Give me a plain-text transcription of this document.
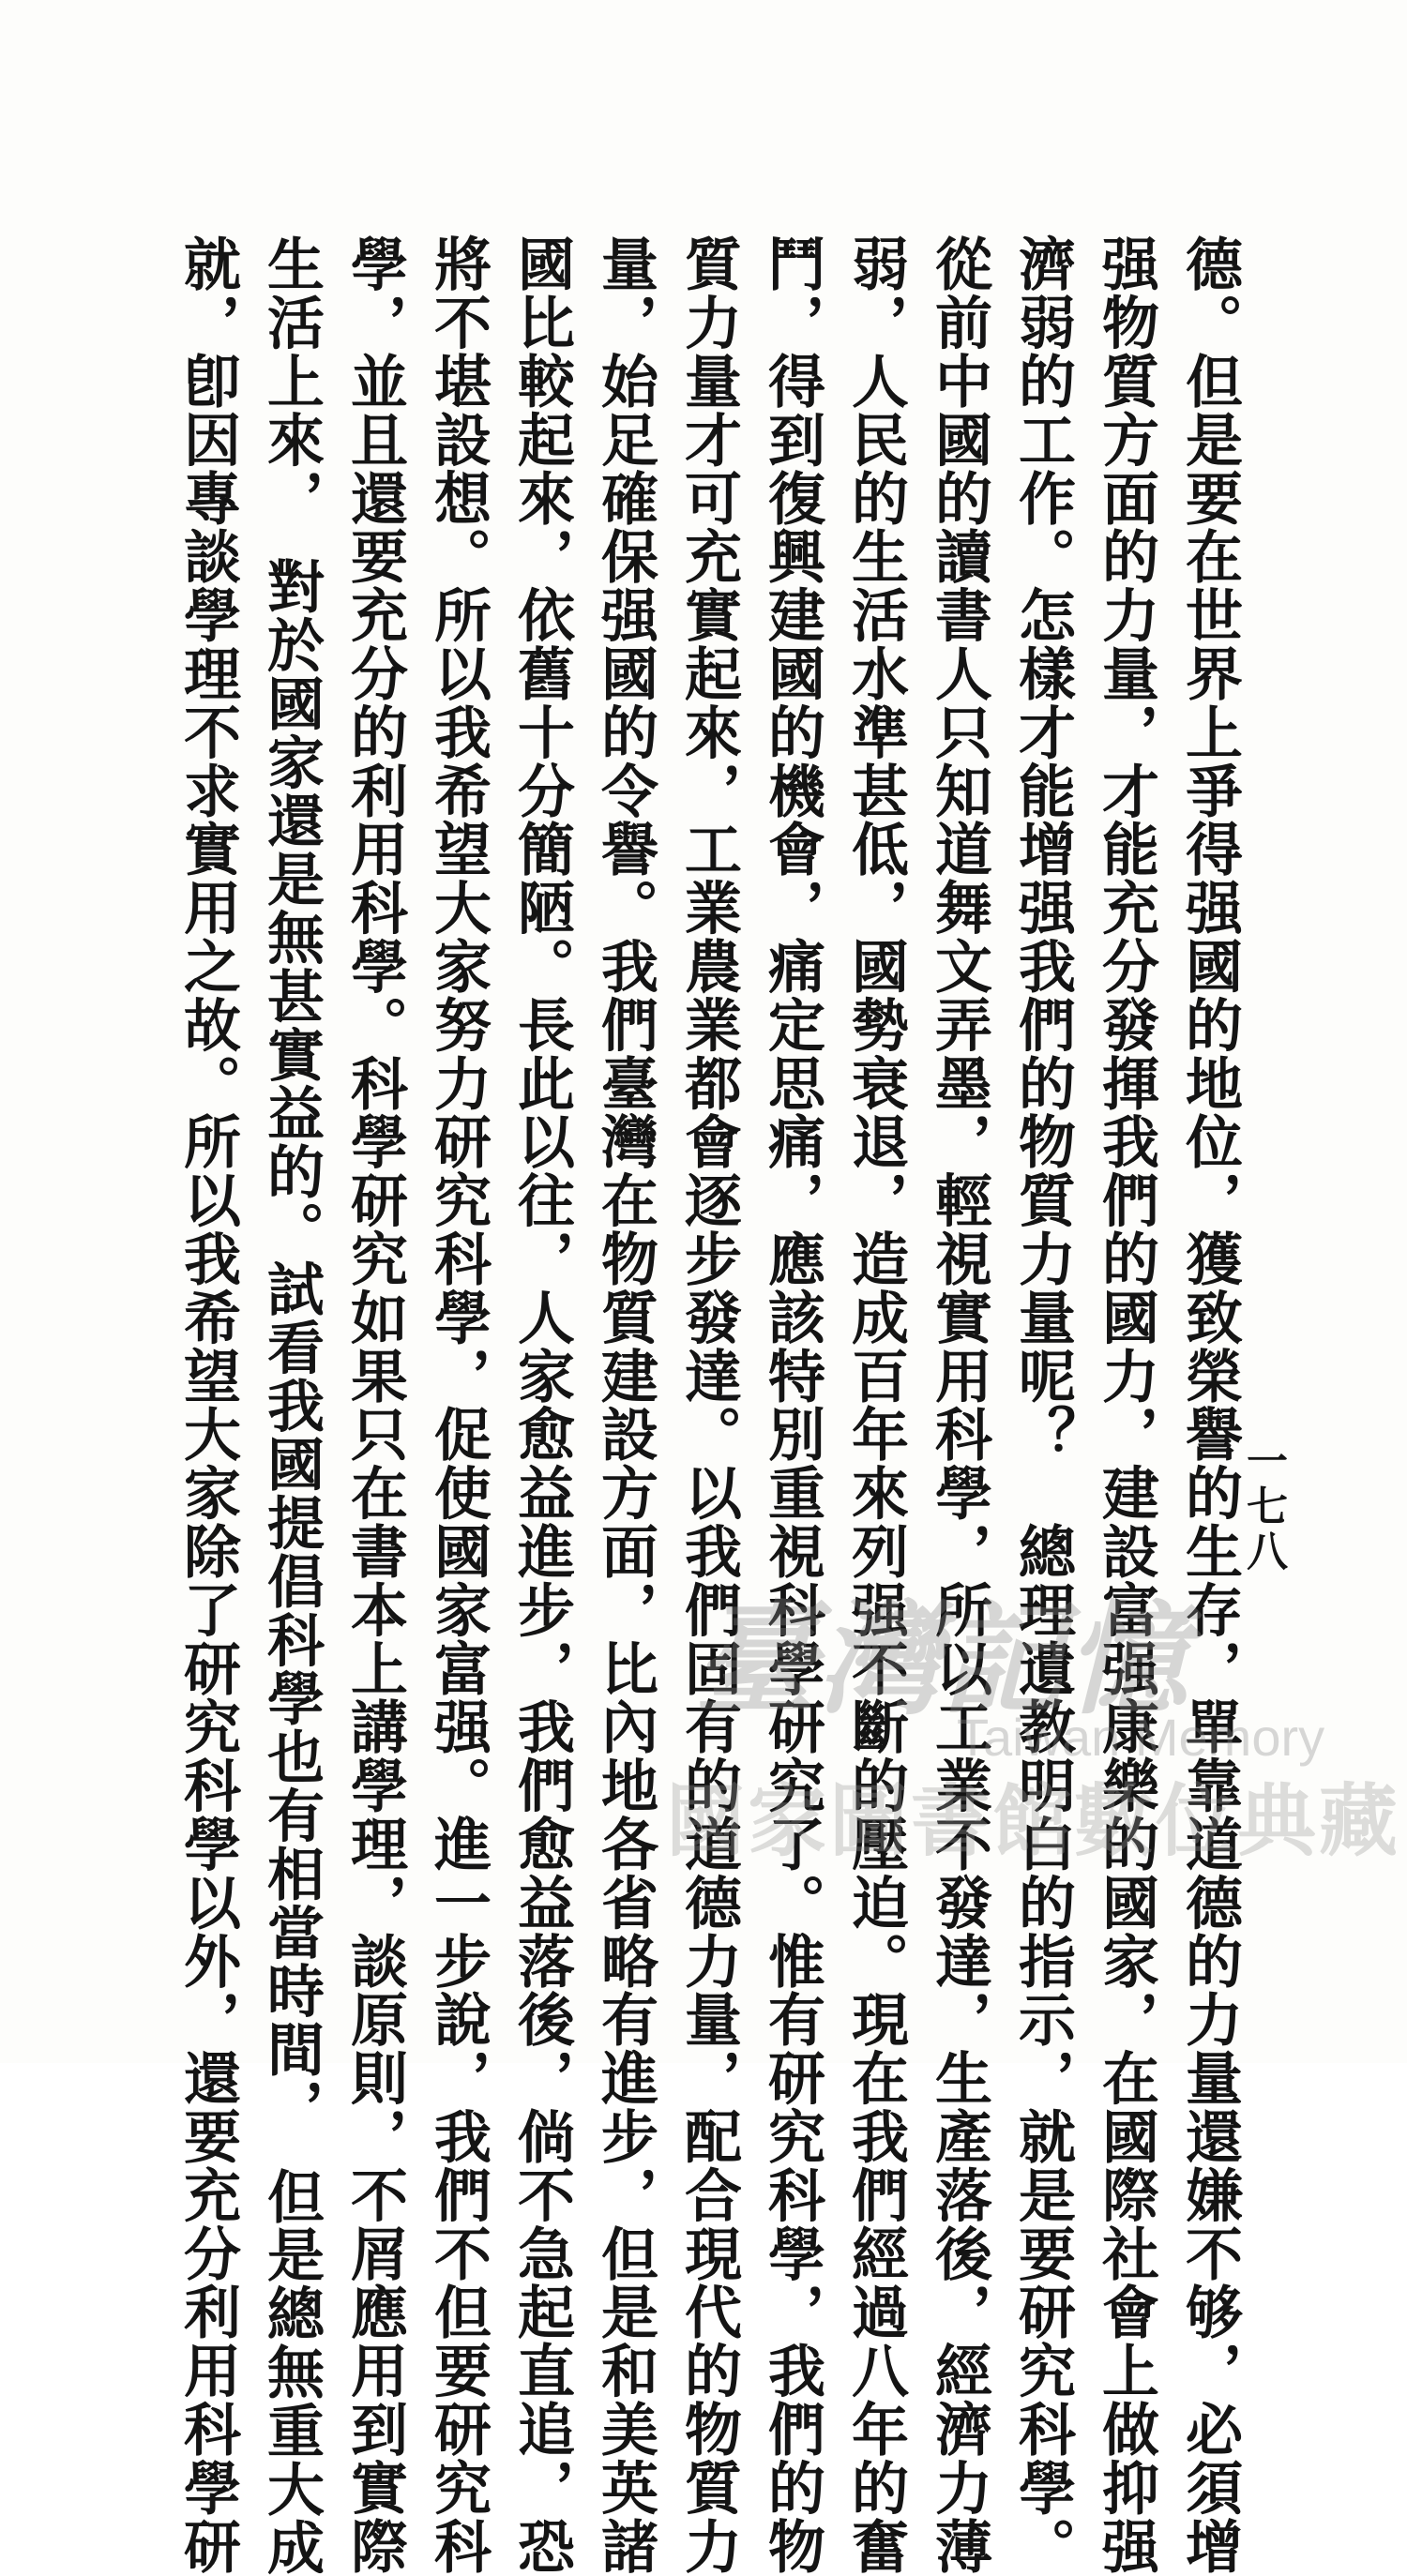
一七八
德。但是要在世界上爭得强國的地位，獲致榮譽的生存，單靠道德的力量還嫌不够，必須增
强物質方面的力量，才能充分發揮我們的國力，建設富强康樂的國家，在國際社會上做抑强
濟弱的工作。怎樣才能增强我們的物質力量呢？　總理遺教明白的指示，就是要研究科學。
從前中國的讀書人只知道舞文弄墨，輕視實用科學，所以工業不發達，生產落後，經濟力薄
弱，人民的生活水準甚低，國勢衰退，造成百年來列强不斷的壓迫。現在我們經過八年的奮
鬥，得到復興建國的機會，痛定思痛，應該特別重視科學研究了。惟有研究科學，我們的物
質力量才可充實起來，工業農業都會逐步發達。以我們固有的道德力量，配合現代的物質力
量，始足確保强國的令譽。我們臺灣在物質建設方面，比內地各省略有進步，但是和美英諸
國比較起來，依舊十分簡陋。長此以往，人家愈益進步，我們愈益落後，倘不急起直追，恐
將不堪設想。所以我希望大家努力研究科學，促使國家富强。進一步說，我們不但要研究科
學，並且還要充分的利用科學。科學研究如果只在書本上講學理，談原則，不屑應用到實際
生活上來，　對於國家還是無甚實益的。試看我國提倡科學也有相當時間，　但是總無重大成
就，卽因專談學理不求實用之故。所以我希望大家除了研究科學以外，還要充分利用科學研	臺灣記憶
Taiwan Memory
國家圖書館數位典藏
